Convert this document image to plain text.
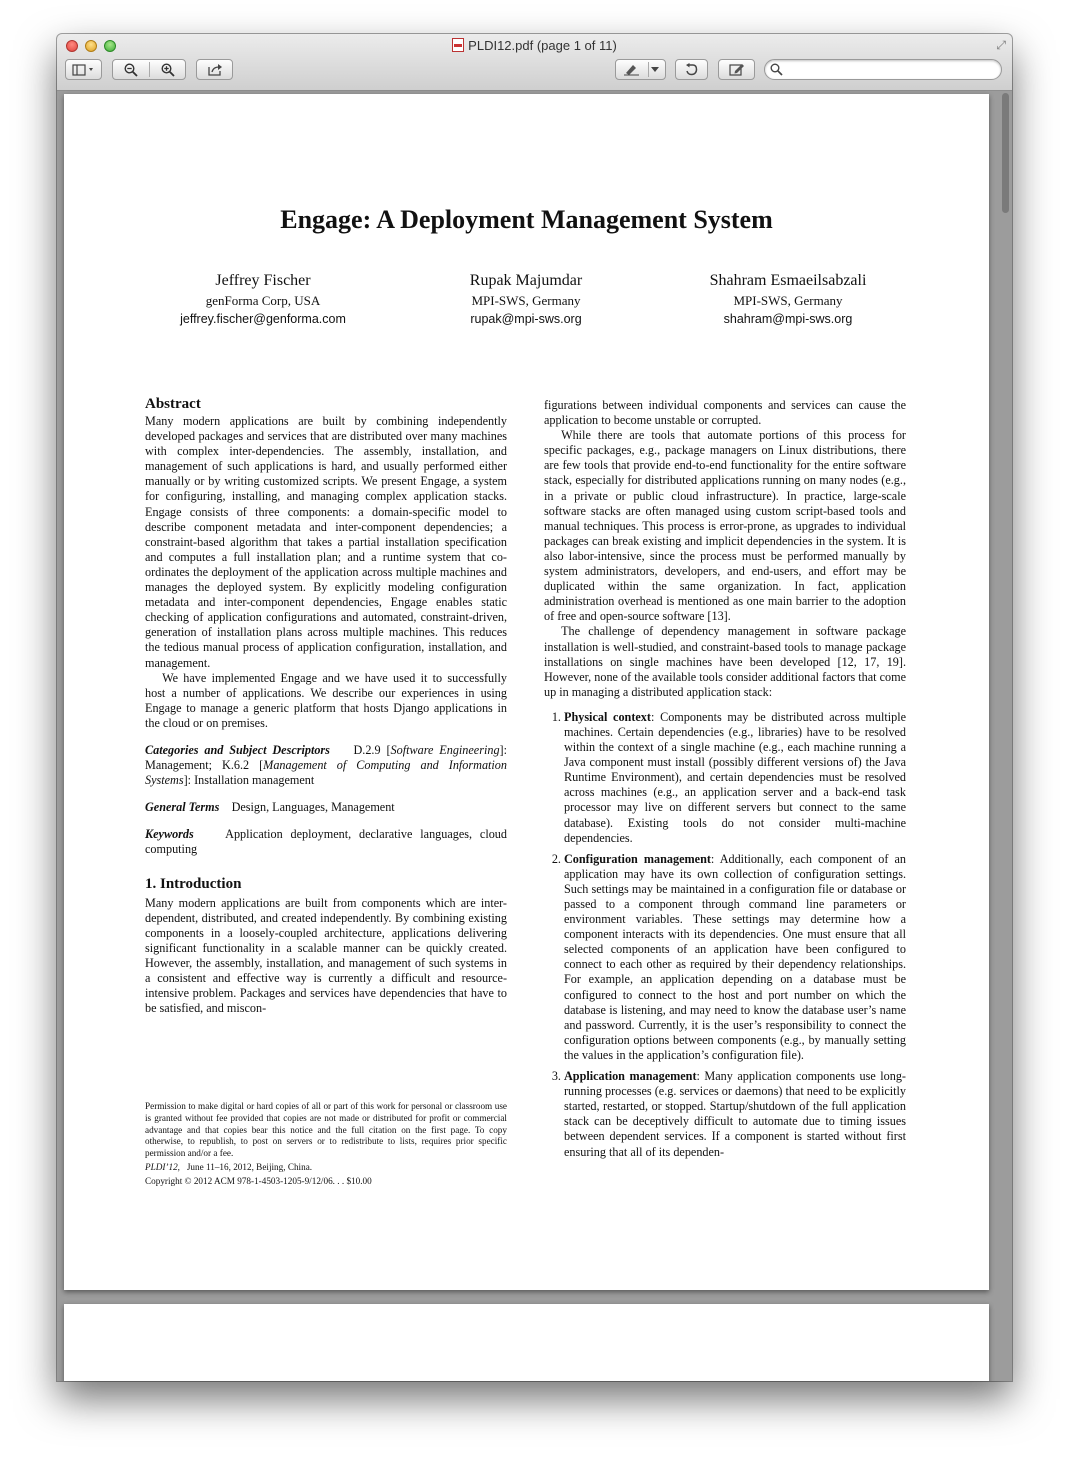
PLDI12.pdf (page 1 of 11)	⤢
Engage: A Deployment Management System
Jeffrey Fischer
genForma Corp, USA
jeffrey.fischer@genforma.com
Rupak Majumdar
MPI-SWS, Germany
rupak@mpi-sws.org
Shahram Esmaeilsabzali
MPI-SWS, Germany
shahram@mpi-sws.org
Abstract

Many modern applications are built by combining independently developed packages and services that are distributed over many machines with complex inter-dependencies. The assembly, installation, and management of such applications is hard, and usually performed either manually or by writing customized scripts. We present Engage, a system for configuring, installing, and managing complex application stacks. Engage consists of three components: a domain-specific model to describe component metadata and inter-component dependencies; a constraint-based algorithm that takes a partial installation specification and computes a full installation plan; and a runtime system that co-ordinates the deployment of the application across multiple machines and manages the deployed system. By explicitly modeling configuration metadata and inter-component dependencies, Engage enables static checking of application configurations and automated, constraint-driven, generation of installation plans across multiple machines. This reduces the tedious manual process of application configuration, installation, and management.

We have implemented Engage and we have used it to successfully host a number of applications. We describe our experiences in using Engage to manage a generic platform that hosts Django applications in the cloud or on premises.

Categories and Subject Descriptors D.2.9 [Software Engineering]: Management; K.6.2 [Management of Computing and Information Systems]: Installation management

General Terms Design, Languages, Management

Keywords	Application deployment, declarative languages, cloud computing

1. Introduction

Many modern applications are built from components which are inter-dependent, distributed, and created independently. By combining existing components in a loosely-coupled architecture, applications delivering significant functionality in a scalable manner can be quickly created. However, the assembly, installation, and management of such systems in a consistent and effective way is currently a difficult and resource-intensive problem. Packages and services have dependencies that have to be satisfied, and miscon-

Permission to make digital or hard copies of all or part of this work for personal or classroom use is granted without fee provided that copies are not made or distributed for profit or commercial advantage and that copies bear this notice and the full citation on the first page. To copy otherwise, to republish, to post on servers or to redistribute to lists, requires prior specific permission and/or a fee.

PLDI’12, June 11–16, 2012, Beijing, China.

Copyright © 2012 ACM 978-1-4503-1205-9/12/06. . . $10.00

figurations between individual components and services can cause the application to become unstable or corrupted.

While there are tools that automate portions of this process for specific packages, e.g., package managers on Linux distributions, there are few tools that provide end-to-end functionality for the entire software stack, especially for distributed applications running on many nodes (e.g., in a private or public cloud infrastructure). In practice, large-scale software stacks are often managed using custom script-based tools and manual techniques. This process is error-prone, as upgrades to individual packages can break existing and implicit dependencies in the system. It is also labor-intensive, since the process must be performed manually by system administrators, developers, and end-users, and effort may be duplicated within the same organization. In fact, application administration overhead is mentioned as one main barrier to the adoption of free and open-source software [13].

The challenge of dependency management in software package installation is well-studied, and constraint-based tools to manage package installations on single machines have been developed [12, 17, 19]. However, none of the available tools consider additional factors that come up in managing a distributed application stack:

1. Physical context: Components may be distributed across multiple machines. Certain dependencies (e.g., libraries) have to be resolved within the context of a single machine (e.g., each machine running a Java component must install (possibly different versions of) the Java Runtime Environment), and certain dependencies must be resolved across machines (e.g., an application server and a back-end task processor may live on different servers but connect to the same database). Existing tools do not consider multi-machine dependencies.
2. Configuration management: Additionally, each component of an application may have its own collection of configuration settings. Such settings may be maintained in a configuration file or database or passed to a component through command line parameters or environment variables. These settings may determine how a component interacts with its dependencies. One must ensure that all selected components of an application have been configured to connect to each other as required by their dependency relationships. For example, an application depending on a database must be configured to connect to the host and port number on which the database is listening, and may need to know the database user’s name and password. Currently, it is the user’s responsibility to connect the configuration options between components (e.g., by manually setting the values in the application’s configuration file).
3. Application management: Many application components use long-running processes (e.g. services or daemons) that need to be explicitly started, restarted, or stopped. Startup/shutdown of the full application stack can be deceptively difficult to automate due to timing issues between dependent services. If a component is started without first ensuring that all of its dependen-
